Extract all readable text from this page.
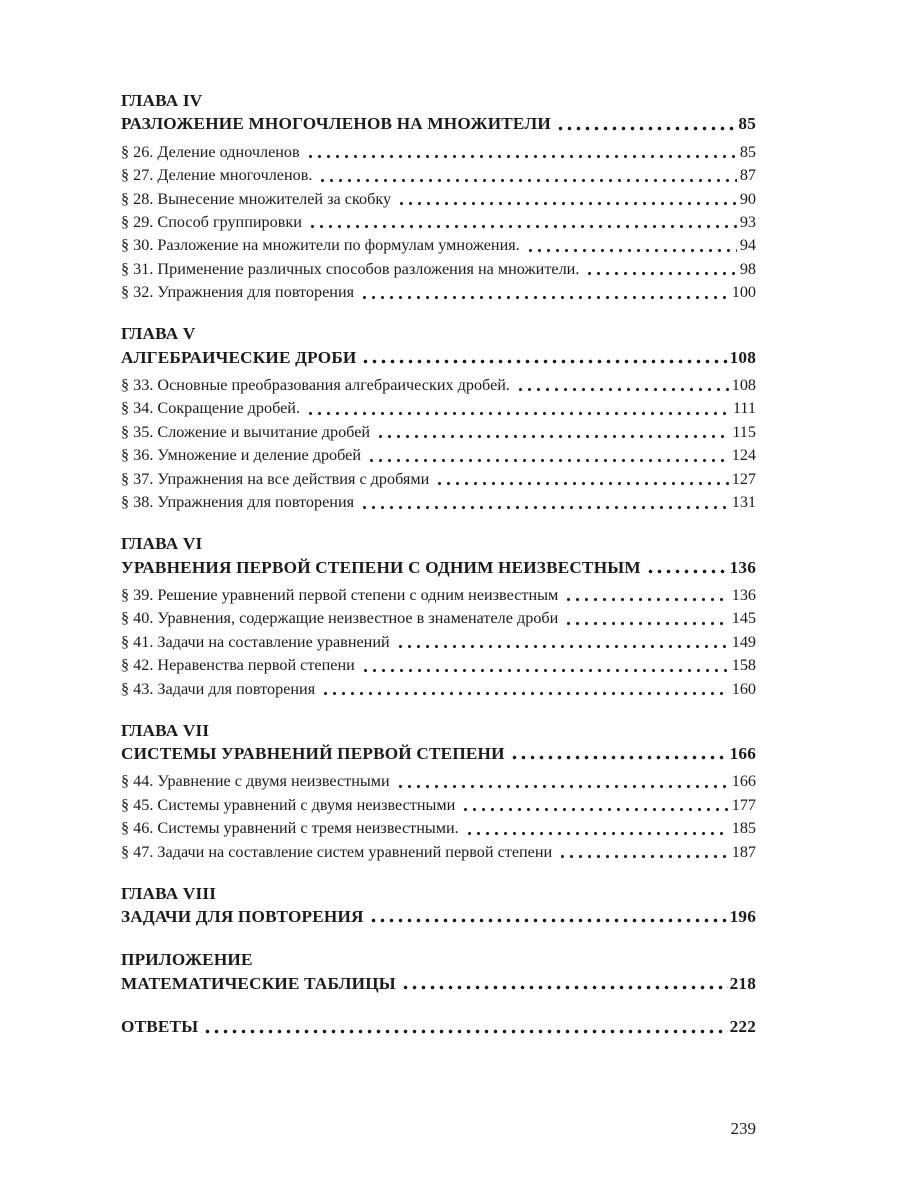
ГЛАВА IV
РАЗЛОЖЕНИЕ МНОГОЧЛЕНОВ НА МНОЖИТЕЛИ	85
§ 26. Деление одночленов	85
§ 27. Деление многочленов.	87
§ 28. Вынесение множителей за скобку	90
§ 29. Способ группировки	93
§ 30. Разложение на множители по формулам умножения.	94
§ 31. Применение различных способов разложения на множители.	98
§ 32. Упражнения для повторения	100
ГЛАВА V
АЛГЕБРАИЧЕСКИЕ ДРОБИ	108
§ 33. Основные преобразования алгебраических дробей.	108
§ 34. Сокращение дробей.	111
§ 35. Сложение и вычитание дробей	115
§ 36. Умножение и деление дробей	124
§ 37. Упражнения на все действия с дробями	127
§ 38. Упражнения для повторения	131
ГЛАВА VI
УРАВНЕНИЯ ПЕРВОЙ СТЕПЕНИ С ОДНИМ НЕИЗВЕСТНЫМ	136
§ 39. Решение уравнений первой степени с одним неизвестным	136
§ 40. Уравнения, содержащие неизвестное в знаменателе дроби	145
§ 41. Задачи на составление уравнений	149
§ 42. Неравенства первой степени	158
§ 43. Задачи для повторения	160
ГЛАВА VII
СИСТЕМЫ УРАВНЕНИЙ ПЕРВОЙ СТЕПЕНИ	166
§ 44. Уравнение с двумя неизвестными	166
§ 45. Системы уравнений с двумя неизвестными	177
§ 46. Системы уравнений с тремя неизвестными.	185
§ 47. Задачи на составление систем уравнений первой степени	187
ГЛАВА VIII
ЗАДАЧИ ДЛЯ ПОВТОРЕНИЯ	196
ПРИЛОЖЕНИЕ
МАТЕМАТИЧЕСКИЕ ТАБЛИЦЫ	218
ОТВЕТЫ	222
239
